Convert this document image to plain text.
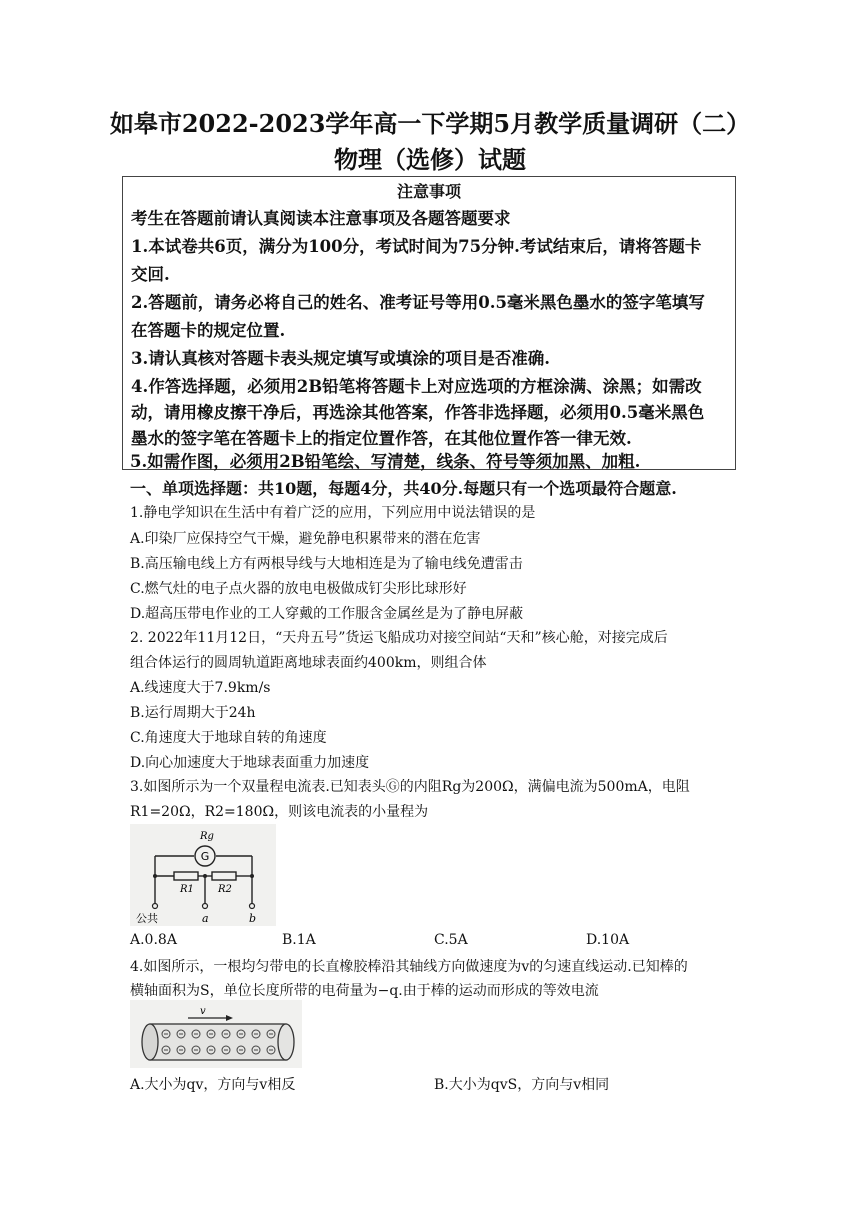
如皋市2022-2023学年高一下学期5月教学质量调研（二）
物理（选修）试题
注意事项
考生在答题前请认真阅读本注意事项及各题答题要求
1.本试卷共6页，满分为100分，考试时间为75分钟.考试结束后，请将答题卡
交回.
2.答题前，请务必将自己的姓名、准考证号等用0.5毫米黑色墨水的签字笔填写
在答题卡的规定位置.
3.请认真核对答题卡表头规定填写或填涂的项目是否准确.
4.作答选择题，必须用2B铅笔将答题卡上对应选项的方框涂满、涂黑；如需改
动，请用橡皮擦干净后，再选涂其他答案，作答非选择题，必须用0.5毫米黑色
墨水的签字笔在答题卡上的指定位置作答，在其他位置作答一律无效.
5.如需作图，必须用2B铅笔绘、写清楚，线条、符号等须加黑、加粗.
一、单项选择题：共10题，每题4分，共40分.每题只有一个选项最符合题意.
1.静电学知识在生活中有着广泛的应用，下列应用中说法错误的是
A.印染厂应保持空气干燥，避免静电积累带来的潜在危害
B.高压输电线上方有两根导线与大地相连是为了输电线免遭雷击
C.燃气灶的电子点火器的放电电极做成钉尖形比球形好
D.超高压带电作业的工人穿戴的工作服含金属丝是为了静电屏蔽
2. 2022年11月12日，“天舟五号”货运飞船成功对接空间站“天和”核心舱，对接完成后
组合体运行的圆周轨道距离地球表面约400km，则组合体
A.线速度大于7.9km/s
B.运行周期大于24h
C.角速度大于地球自转的角速度
D.向心加速度大于地球表面重力加速度
3.如图所示为一个双量程电流表.已知表头Ⓖ的内阻Rg为200Ω，满偏电流为500mA，电阻
R1=20Ω，R2=180Ω，则该电流表的小量程为
G
Rg
R1 R2
公共	a	b
A.0.8A	B.1A	C.5A	D.10A
4.如图所示，一根均匀带电的长直橡胶棒沿其轴线方向做速度为v的匀速直线运动.已知棒的
横轴面积为S，单位长度所带的电荷量为−q.由于棒的运动而形成的等效电流
v
A.大小为qv，方向与v相反	B.大小为qvS，方向与v相同
